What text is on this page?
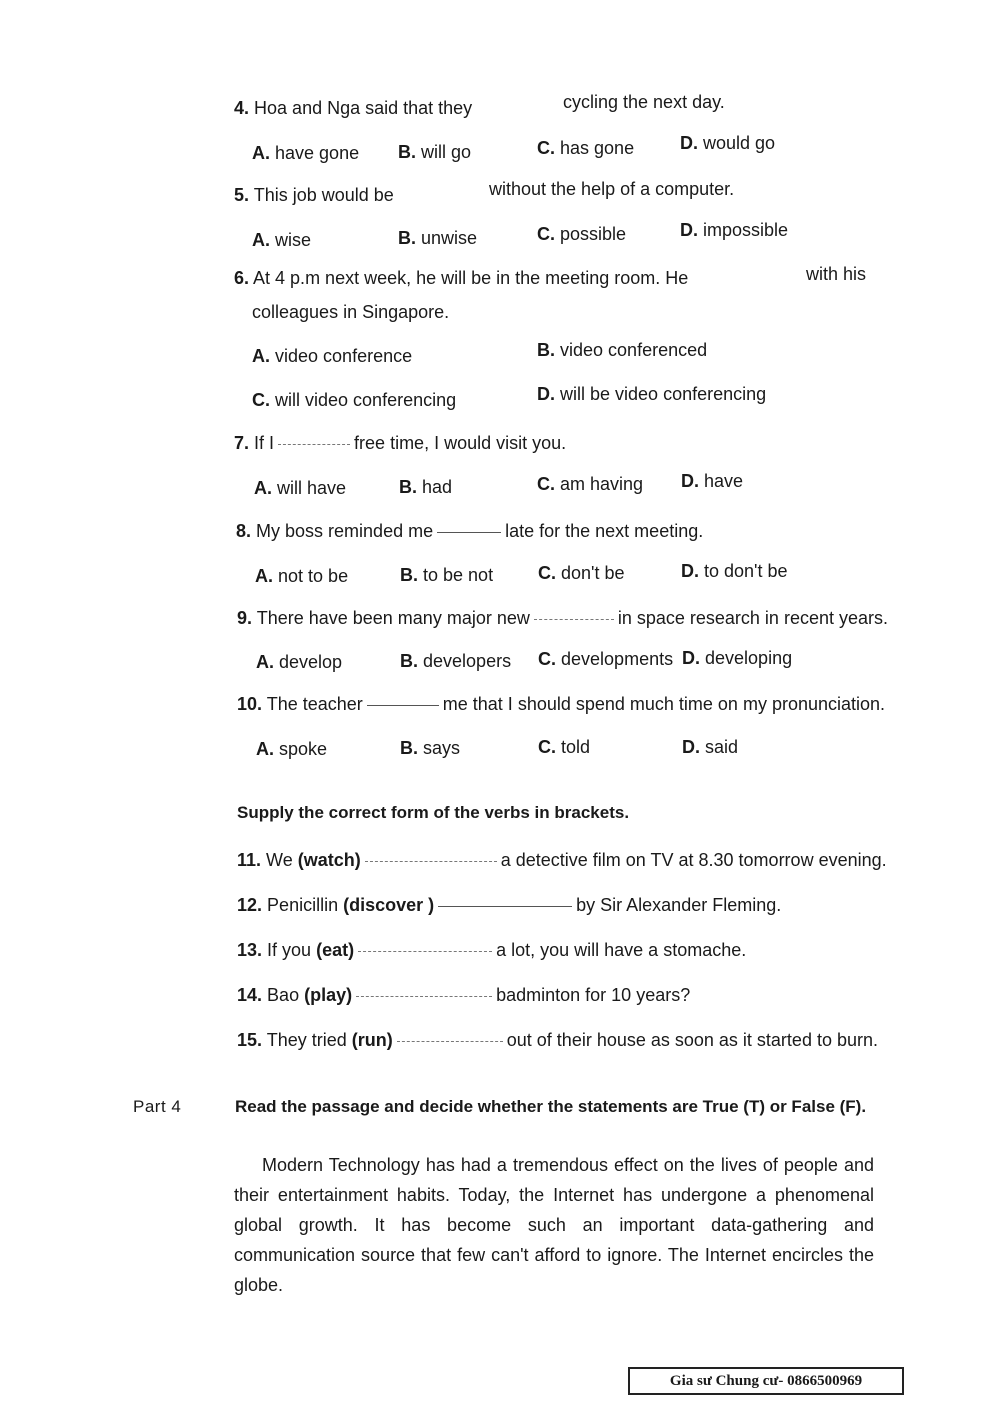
4. Hoa and Nga said that they	cycling the next day.
A. have gone B. will go	C. has gone	D. would go
5. This job would be	without the help of a computer.
A. wise	B. unwise	C. possible	D. impossible
6. At 4 p.m next week, he will be in the meeting room. He	with his
colleagues in Singapore.
A. video conference	B. video conferenced
C. will video conferencing	D. will be video conferencing
7. If I	free time, I would visit you.
A. will have	B. had	C. am having D. have
8. My boss reminded me	late for the next meeting.
A. not to be	B. to be not C. don't be	D. to don't be
9. There have been many major new	in space research in recent years.
A. develop	B. developers C. developments D. developing
10. The teacher	me that I should spend much time on my pronunciation.
A. spoke	B. says	C. told	D. said
Supply the correct form of the verbs in brackets.
11. We (watch)	a detective film on TV at 8.30 tomorrow evening.
12. Penicillin (discover )	by Sir Alexander Fleming.
13. If you (eat)	a lot, you will have a stomache.
14. Bao (play)	badminton for 10 years?
15. They tried (run)	out of their house as soon as it started to burn.
Part 4	Read the passage and decide whether the statements are True (T) or False (F).
Modern Technology has had a tremendous effect on the lives of people and their entertainment habits. Today, the Internet has undergone a phenomenal global growth. It has become such an important data-gathering and communication source that few can't afford to ignore. The Internet encircles the globe.
Gia sư Chung cư- 0866500969
